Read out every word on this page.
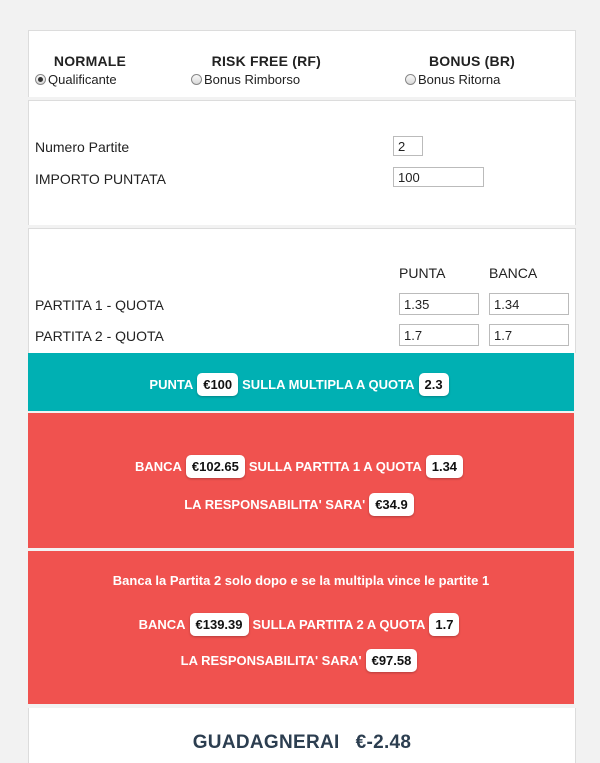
NORMALE
Qualificante
RISK FREE (RF)
Bonus Rimborso
BONUS (BR)
Bonus Ritorna
Numero Partite
2
IMPORTO PUNTATA
100
PUNTA	BANCA
PARTITA 1 - QUOTA
1.35
1.34
PARTITA 2 - QUOTA
1.7
1.7
PUNTA €100 SULLA MULTIPLA A QUOTA 2.3
BANCA €102.65 SULLA PARTITA 1 A QUOTA 1.34
LA RESPONSABILITA' SARA' €34.9
Banca la Partita 2 solo dopo e se la multipla vince le partite 1
BANCA €139.39 SULLA PARTITA 2 A QUOTA 1.7
LA RESPONSABILITA' SARA' €97.58
GUADAGNERAI €-2.48
